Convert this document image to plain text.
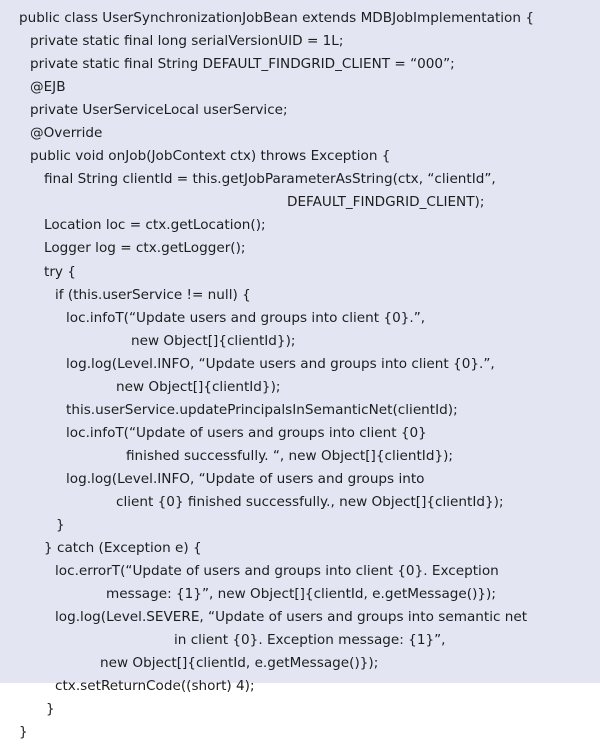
public class UserSynchronizationJobBean extends MDBJobImplementation {
private static final long serialVersionUID = 1L;
private static final String DEFAULT_FINDGRID_CLIENT = “000”;
@EJB
private UserServiceLocal userService;
@Override
public void onJob(JobContext ctx) throws Exception {
final String clientId = this.getJobParameterAsString(ctx, “clientId”,
DEFAULT_FINDGRID_CLIENT);
Location loc = ctx.getLocation();
Logger log = ctx.getLogger();
try {
if (this.userService != null) {
loc.infoT(“Update users and groups into client {0}.”,
new Object[]{clientId});
log.log(Level.INFO, “Update users and groups into client {0}.”,
new Object[]{clientId});
this.userService.updatePrincipalsInSemanticNet(clientId);
loc.infoT(“Update of users and groups into client {0}
finished successfully. “, new Object[]{clientId});
log.log(Level.INFO, “Update of users and groups into
client {0} finished successfully., new Object[]{clientId});
}
} catch (Exception e) {
loc.errorT(“Update of users and groups into client {0}. Exception
message: {1}”, new Object[]{clientId, e.getMessage()});
log.log(Level.SEVERE, “Update of users and groups into semantic net
in client {0}. Exception message: {1}”,
new Object[]{clientId, e.getMessage()});
ctx.setReturnCode((short) 4);
}
}
